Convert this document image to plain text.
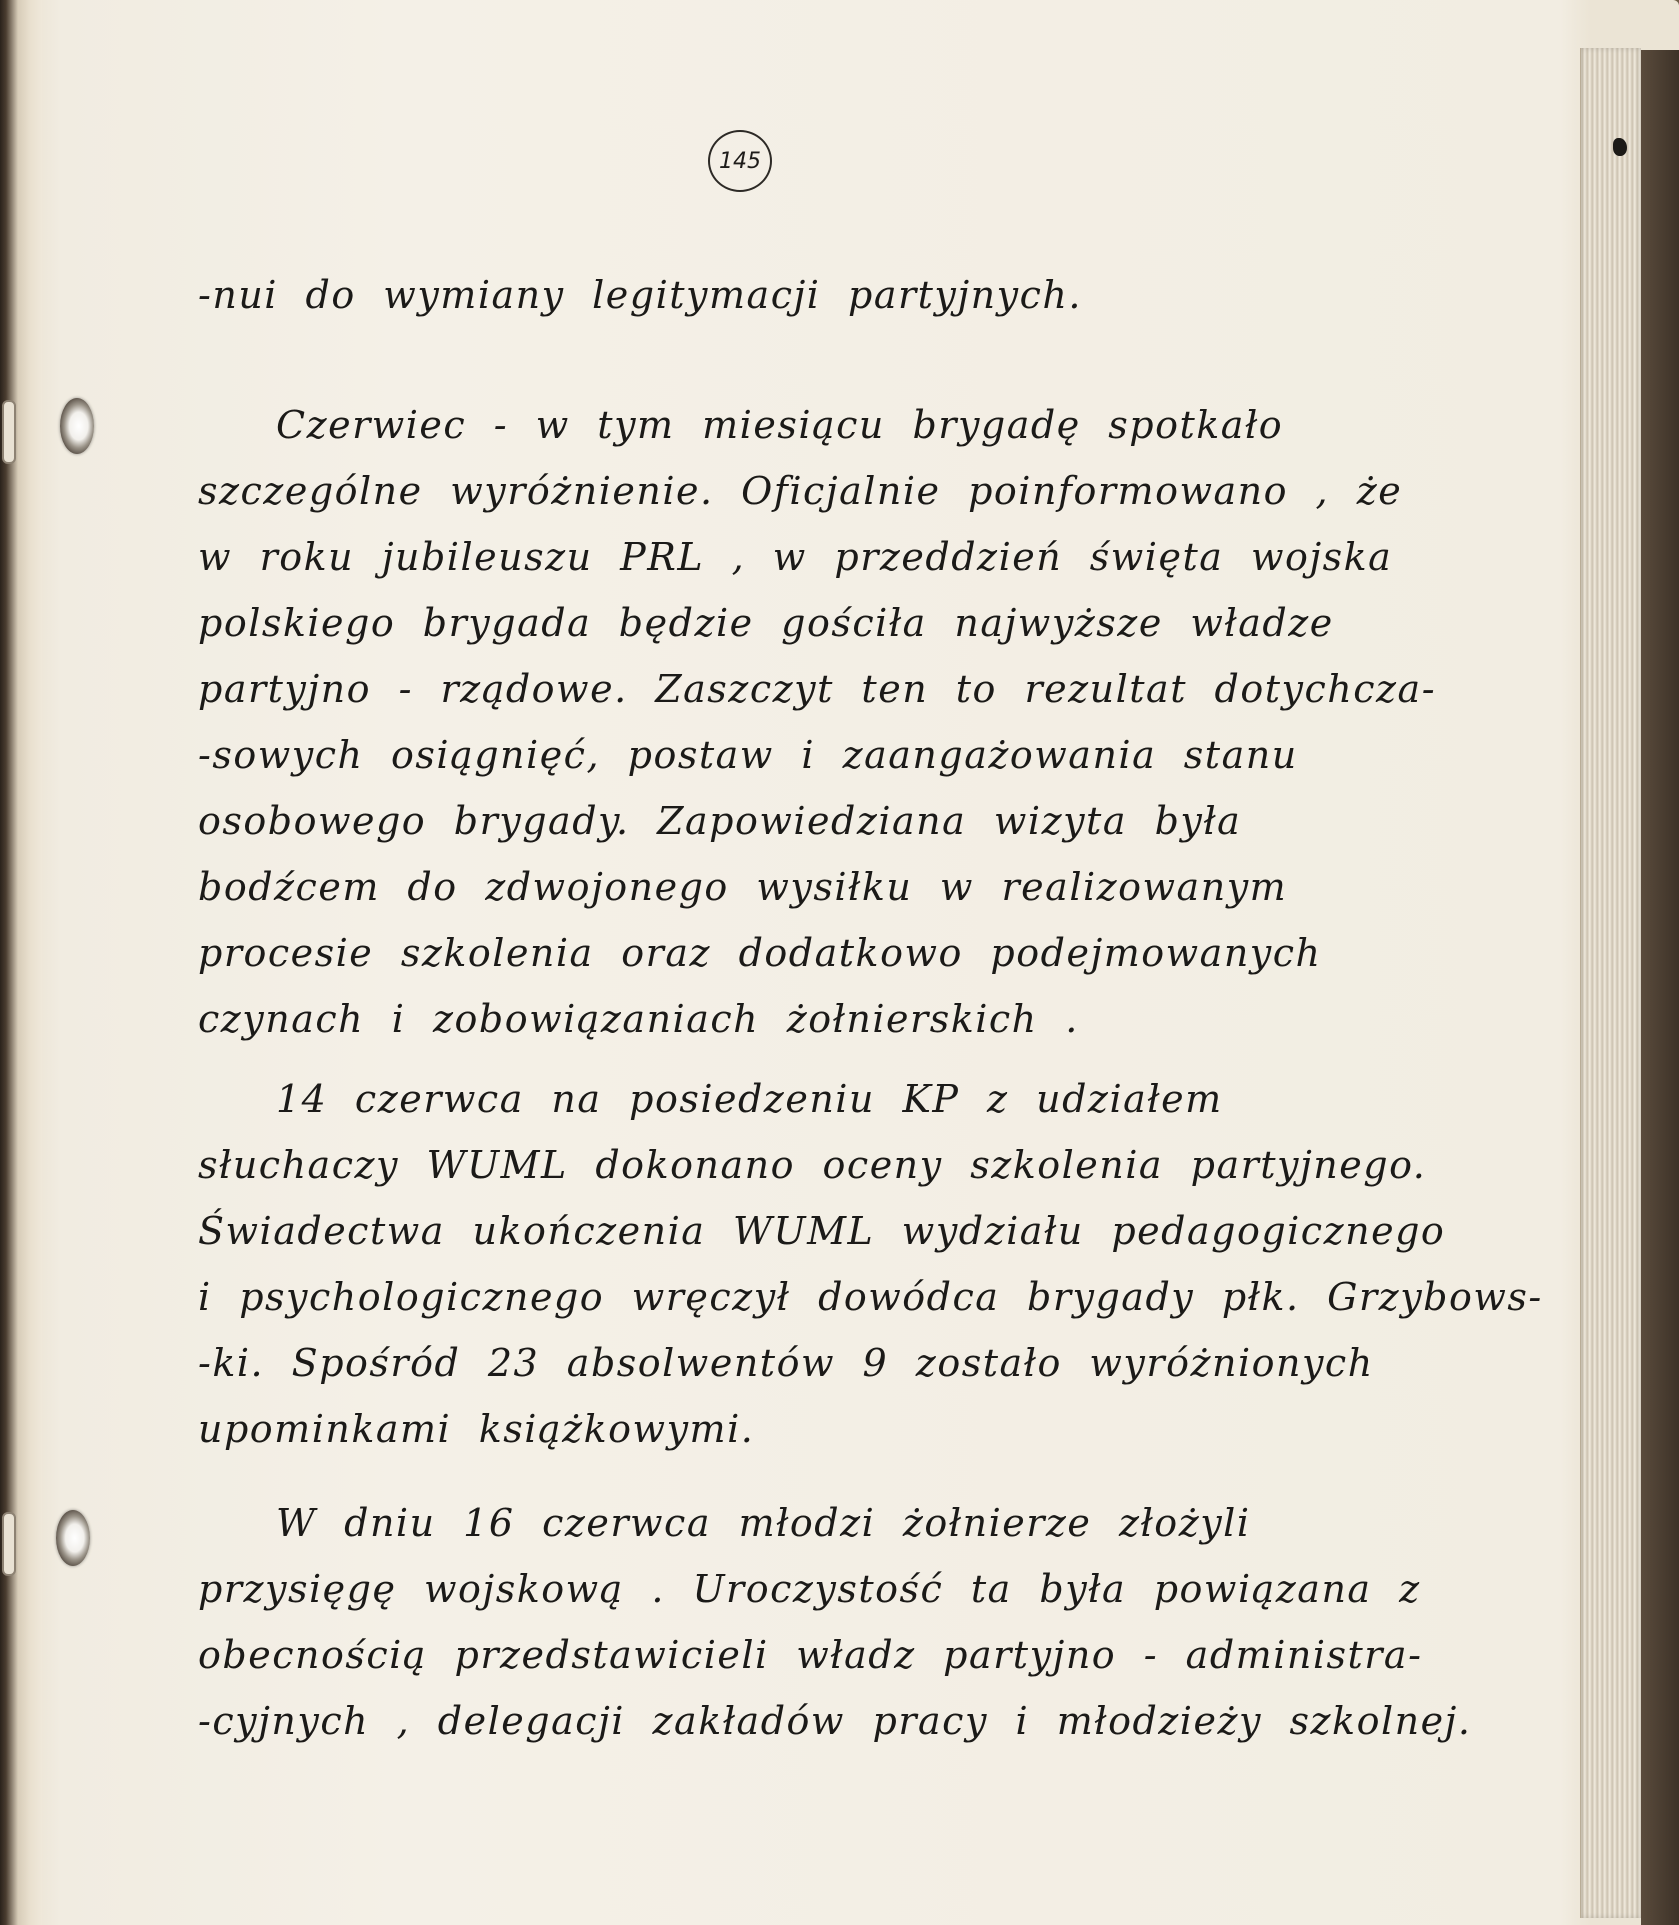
145
-nui do wymiany legitymacji partyjnych.
Czerwiec - w tym miesiącu brygadę spotkało
szczególne wyróżnienie. Oficjalnie poinformowano , że
w roku jubileuszu PRL , w przeddzień święta wojska
polskiego brygada będzie gościła najwyższe władze
partyjno - rządowe. Zaszczyt ten to rezultat dotychcza-
-sowych osiągnięć, postaw i zaangażowania stanu
osobowego brygady. Zapowiedziana wizyta była
bodźcem do zdwojonego wysiłku w realizowanym
procesie szkolenia oraz dodatkowo podejmowanych
czynach i zobowiązaniach żołnierskich .
14 czerwca na posiedzeniu KP z udziałem
słuchaczy WUML dokonano oceny szkolenia partyjnego.
Świadectwa ukończenia WUML wydziału pedagogicznego
i psychologicznego wręczył dowódca brygady płk. Grzybows-
-ki. Spośród 23 absolwentów 9 zostało wyróżnionych
upominkami książkowymi.
W dniu 16 czerwca młodzi żołnierze złożyli
przysięgę wojskową . Uroczystość ta była powiązana z
obecnością przedstawicieli władz partyjno - administra-
-cyjnych , delegacji zakładów pracy i młodzieży szkolnej.
